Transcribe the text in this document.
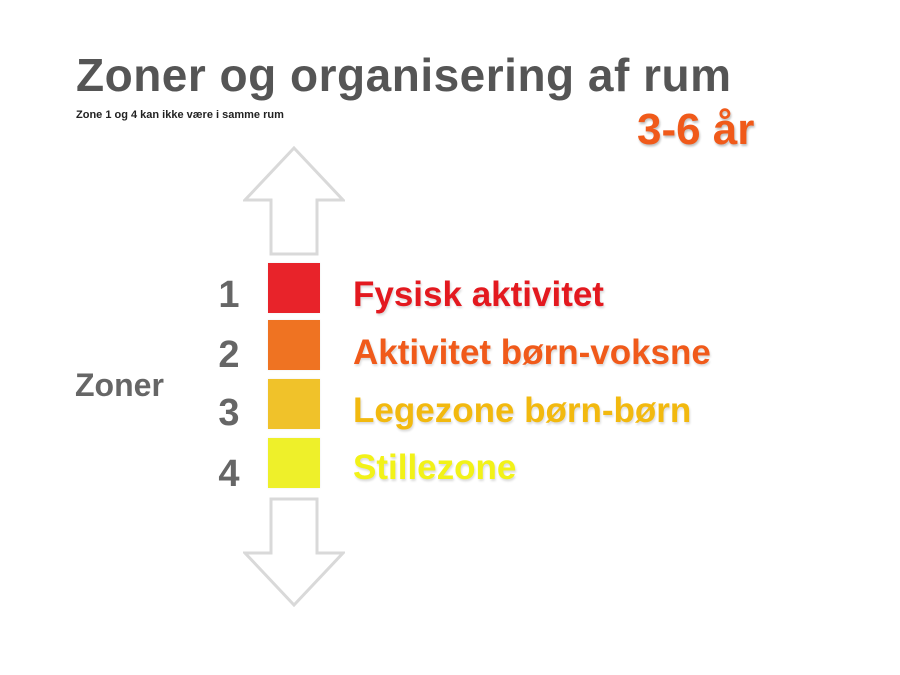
Zoner og organisering af rum
Zone 1 og 4 kan ikke være i samme rum	3-6 år
Zoner
1	Fysisk aktivitet
2	Aktivitet børn-voksne
3	Legezone børn-børn
4	Stillezone
